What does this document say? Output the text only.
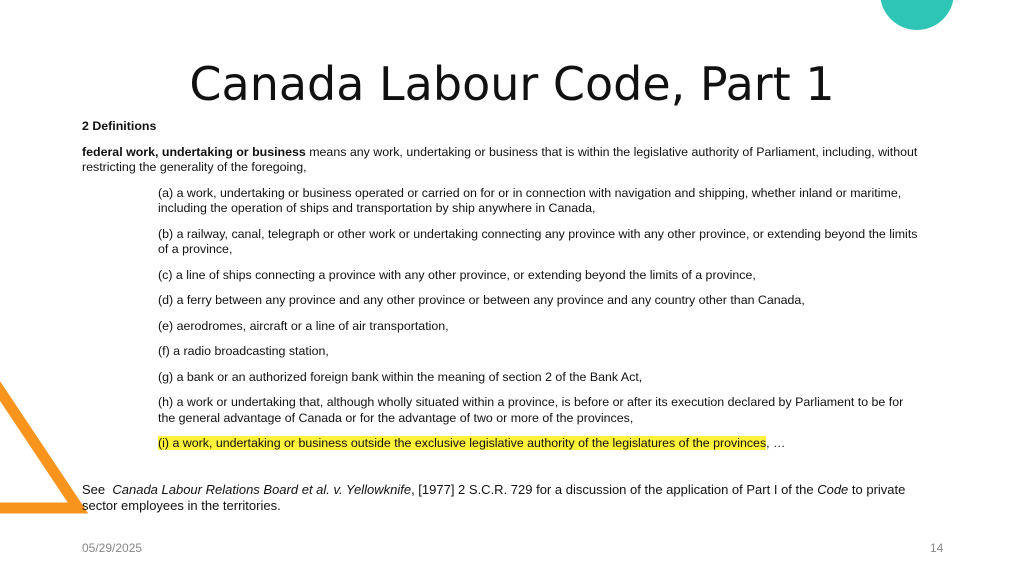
Canada Labour Code, Part 1

2 Definitions

federal work, undertaking or business means any work, undertaking or business that is within the legislative authority of Parliament, including, without restricting the generality of the foregoing,

(a) a work, undertaking or business operated or carried on for or in connection with navigation and shipping, whether inland or maritime, including the operation of ships and transportation by ship anywhere in Canada,
(b) a railway, canal, telegraph or other work or undertaking connecting any province with any other province, or extending beyond the limits of a province,
(c) a line of ships connecting a province with any other province, or extending beyond the limits of a province,
(d) a ferry between any province and any other province or between any province and any country other than Canada,
(e) aerodromes, aircraft or a line of air transportation,
(f) a radio broadcasting station,
(g) a bank or an authorized foreign bank within the meaning of section 2 of the Bank Act,
(h) a work or undertaking that, although wholly situated within a province, is before or after its execution declared by Parliament to be for the general advantage of Canada or for the advantage of two or more of the provinces,
(i) a work, undertaking or business outside the exclusive legislative authority of the legislatures of the provinces, …

See  Canada Labour Relations Board et al. v. Yellowknife, [1977] 2 S.C.R. 729 for a discussion of the application of Part I of the Code to private sector employees in the territories.

05/29/2025	14
